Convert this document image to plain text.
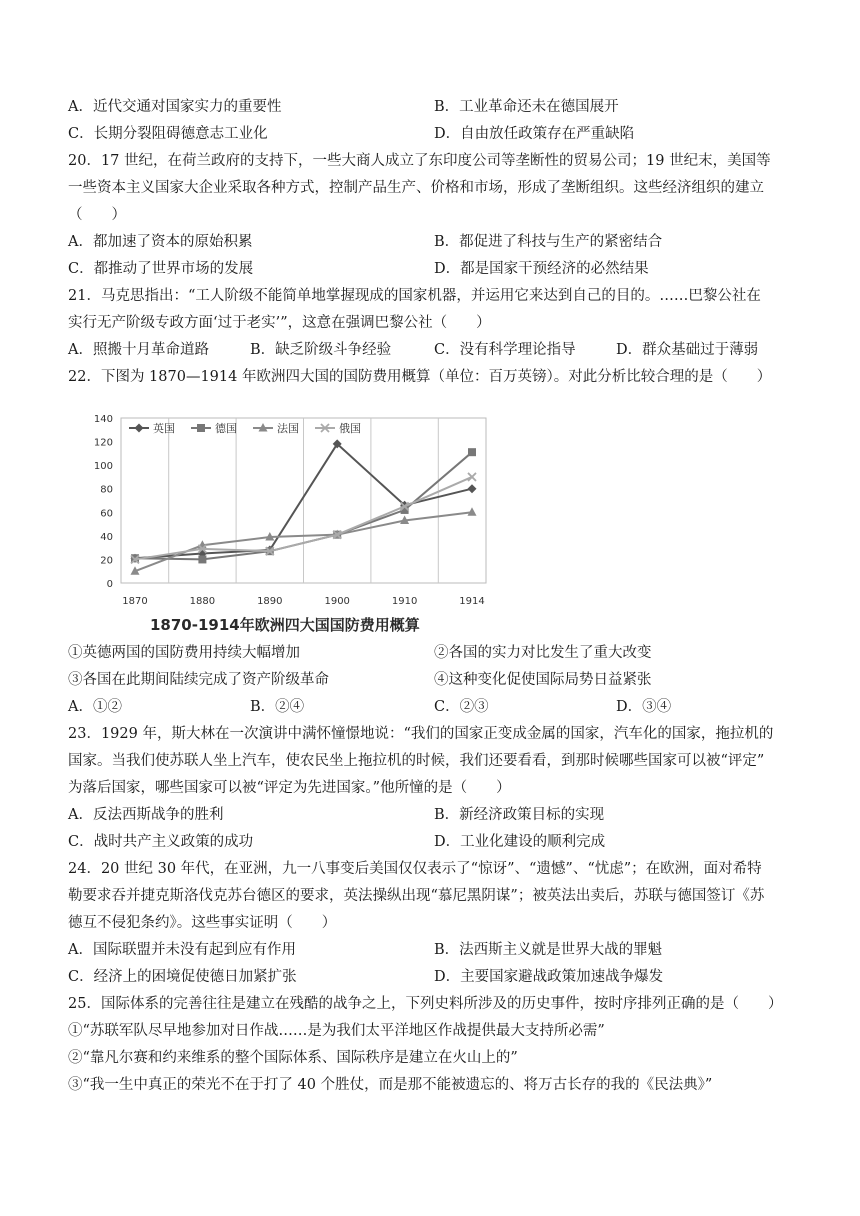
A．近代交通对国家实力的重要性	B．工业革命还未在德国展开
C．长期分裂阻碍德意志工业化	D．自由放任政策存在严重缺陷
20．17 世纪，在荷兰政府的支持下，一些大商人成立了东印度公司等垄断性的贸易公司；19 世纪末，美国等
一些资本主义国家大企业采取各种方式，控制产品生产、价格和市场，形成了垄断组织。这些经济组织的建立
（　　）
A．都加速了资本的原始积累	B．都促进了科技与生产的紧密结合
C．都推动了世界市场的发展	D．都是国家干预经济的必然结果
21．马克思指出：“工人阶级不能简单地掌握现成的国家机器，并运用它来达到自己的目的。……巴黎公社在
实行无产阶级专政方面‘过于老实’”，这意在强调巴黎公社（　　）
A．照搬十月革命道路	B．缺乏阶级斗争经验	C．没有科学理论指导	D．群众基础过于薄弱
22．下图为 1870—1914 年欧洲四大国的国防费用概算（单位：百万英镑）。对此分析比较合理的是（　　）
0
20
40
60
80
100
120
140
1870	1880	1890	1900	1910	1914
英国	德国	法国	俄国
1870-1914年欧洲四大国国防费用概算
①英德两国的国防费用持续大幅增加	②各国的实力对比发生了重大改变
③各国在此期间陆续完成了资产阶级革命	④这种变化促使国际局势日益紧张
A．①②	B．②④	C．②③	D．③④
23．1929 年，斯大林在一次演讲中满怀憧憬地说：“我们的国家正变成金属的国家，汽车化的国家，拖拉机的
国家。当我们使苏联人坐上汽车，使农民坐上拖拉机的时候，我们还要看看，到那时候哪些国家可以被“评定”
为落后国家，哪些国家可以被“评定为先进国家。”他所憧的是（　　）
A．反法西斯战争的胜利	B．新经济政策目标的实现
C．战时共产主义政策的成功	D．工业化建设的顺利完成
24．20 世纪 30 年代，在亚洲，九一八事变后美国仅仅表示了“惊讶”、“遗憾”、“忧虑”；在欧洲，面对希特
勒要求吞并捷克斯洛伐克苏台德区的要求，英法操纵出现“慕尼黑阴谋”；被英法出卖后，苏联与德国签订《苏
德互不侵犯条约》。这些事实证明（　　）
A．国际联盟并未没有起到应有作用	B．法西斯主义就是世界大战的罪魁
C．经济上的困境促使德日加紧扩张	D．主要国家避战政策加速战争爆发
25．国际体系的完善往往是建立在残酷的战争之上，下列史料所涉及的历史事件，按时序排列正确的是（　　）
①“苏联军队尽早地参加对日作战……是为我们太平洋地区作战提供最大支持所必需”
②“靠凡尔赛和约来维系的整个国际体系、国际秩序是建立在火山上的”
③“我一生中真正的荣光不在于打了 40 个胜仗，而是那不能被遗忘的、将万古长存的我的《民法典》”
